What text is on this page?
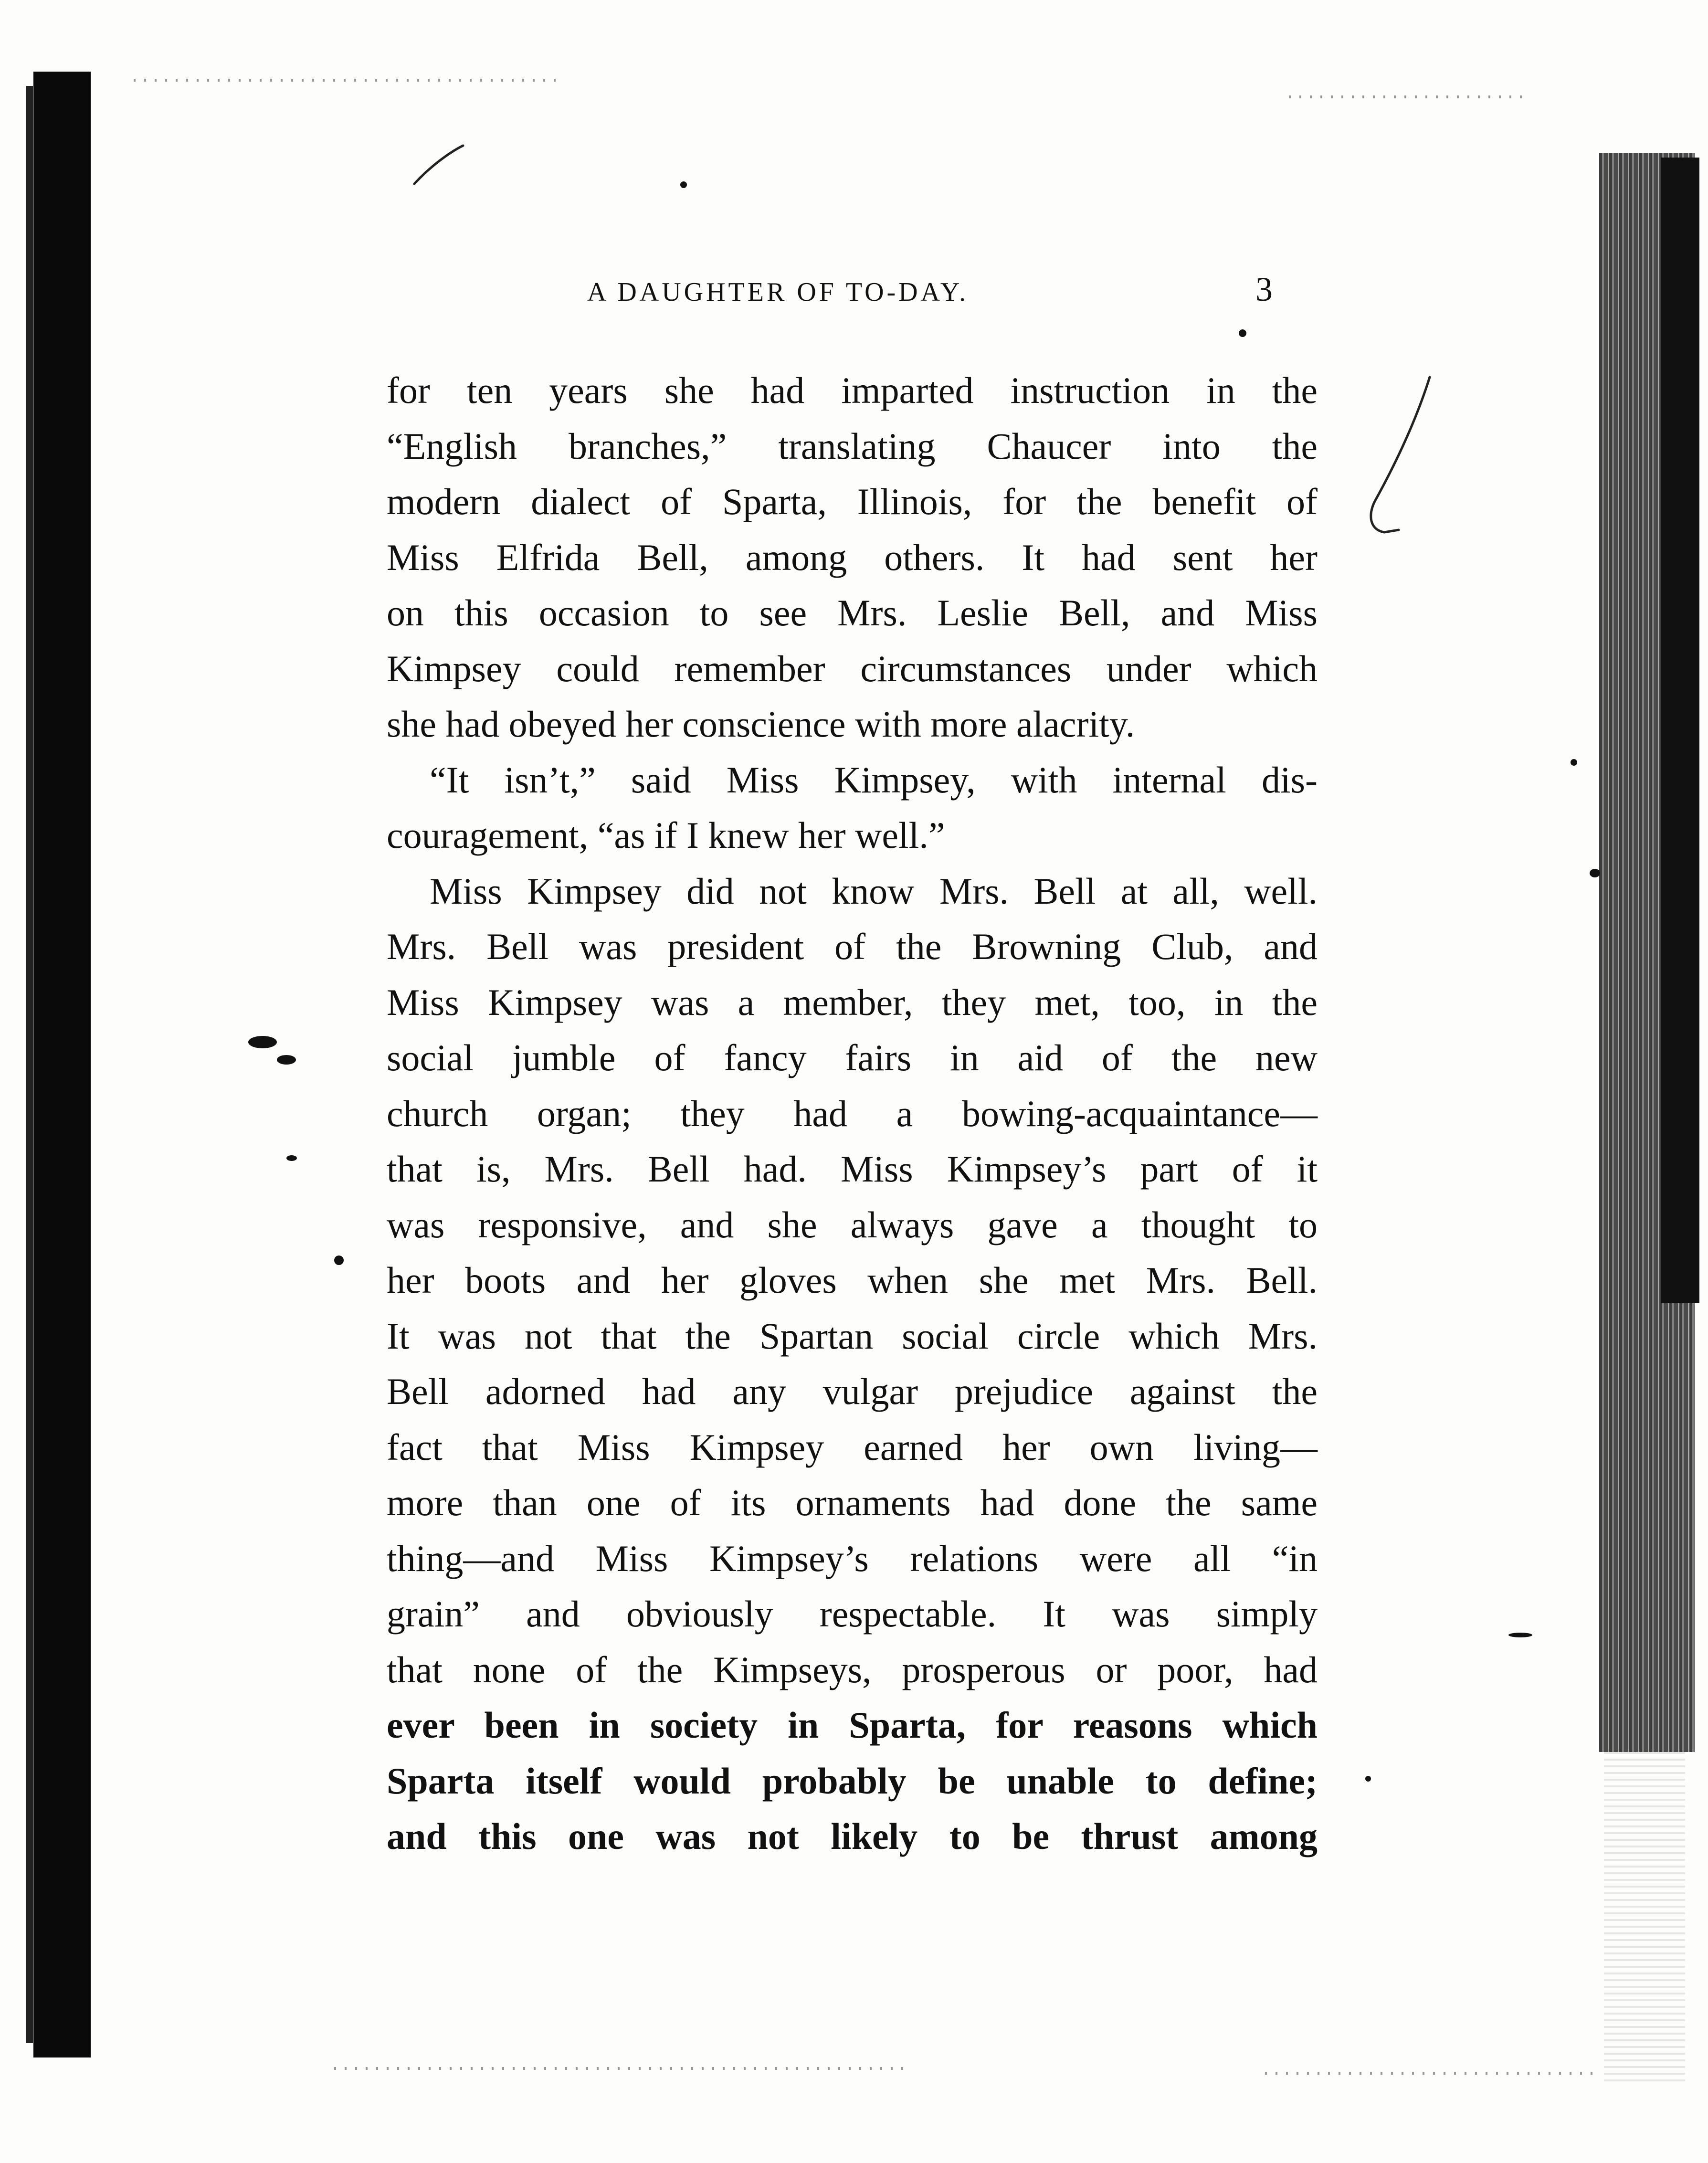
A DAUGHTER OF TO-DAY.	3
for ten years she had imparted instruction in the
“English branches,” translating Chaucer into the
modern dialect of Sparta, Illinois, for the benefit of
Miss Elfrida Bell, among others. It had sent her
on this occasion to see Mrs. Leslie Bell, and Miss
Kimpsey could remember circumstances under which
she had obeyed her conscience with more alacrity.
“It isn’t,” said Miss Kimpsey, with internal dis-
couragement, “as if I knew her well.”
Miss Kimpsey did not know Mrs. Bell at all, well.
Mrs. Bell was president of the Browning Club, and
Miss Kimpsey was a member, they met, too, in the
social jumble of fancy fairs in aid of the new
church organ; they had a bowing-acquaintance—
that is, Mrs. Bell had. Miss Kimpsey’s part of it
was responsive, and she always gave a thought to
her boots and her gloves when she met Mrs. Bell.
It was not that the Spartan social circle which Mrs.
Bell adorned had any vulgar prejudice against the
fact that Miss Kimpsey earned her own living—
more than one of its ornaments had done the same
thing—and Miss Kimpsey’s relations were all “in
grain” and obviously respectable. It was simply
that none of the Kimpseys, prosperous or poor, had
ever been in society in Sparta, for reasons which
Sparta itself would probably be unable to define;
and this one was not likely to be thrust among
